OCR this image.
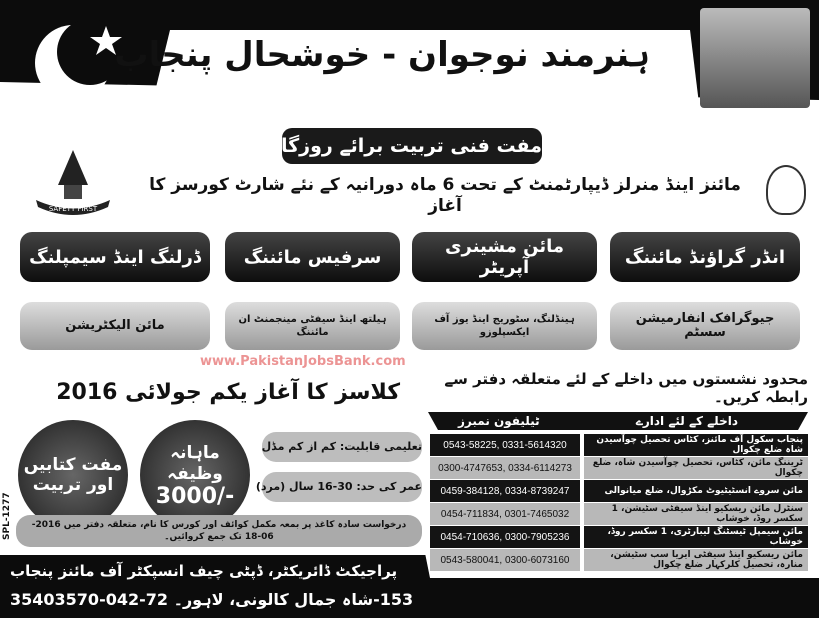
ہنرمند نوجوان - خوشحال پنجاب
مفت فنی تربیت برائے روزگار
SAFETY FIRST
مائنز اینڈ منرلز ڈیپارٹمنٹ کے تحت 6 ماہ دورانیہ کے نئے شارٹ کورسز کا آغاز
انڈر گراؤنڈ مائننگ
مائن مشینری آپریٹر
سرفیس مائننگ
ڈرلنگ اینڈ سیمپلنگ
جیوگرافک انفارمیشن سسٹم
ہینڈلنگ، سٹوریج اینڈ یوز آف ایکسپلوزو
ہیلتھ اینڈ سیفٹی مینجمنٹ ان مائننگ
مائن الیکٹریشن
www.PakistanJobsBank.com
کلاسز کا آغاز یکم جولائی 2016
محدود نشستوں میں داخلے کے لئے متعلقہ دفتر سے رابطہ کریں۔
مفت کتابیں
اور تربیت
ماہانہ وظیفہ
3000/-
تعلیمی قابلیت: کم از کم مڈل
عمر کی حد: 30-16 سال (مرد)
SPL-1277	درخواست سادہ کاغذ پر بمعہ مکمل کوائف اور کورس کا نام، متعلقہ دفتر میں 2016-06-18 تک جمع کروائیں۔
ٹیلیفون نمبرز	داخلے کے لئے ادارے
0543-58225, 0331-5614320	پنجاب سکول آف مائنز، کٹاس تحصیل چوآسیدن شاہ ضلع چکوال
0300-4747653, 0334-6114273	ٹریننگ مائن، کٹاس، تحصیل چوآسیدن شاہ، ضلع چکوال
0459-384128, 0334-8739247	مائن سروے انسٹیٹیوٹ مکڑوال، ضلع میانوالی
0454-711834, 0301-7465032	سنٹرل مائن ریسکیو اینڈ سیفٹی سٹیشن، 1 سکسر روڈ، خوشاب
0454-710636, 0300-7905236	مائن سیمپل ٹیسٹنگ لیبارٹری، 1 سکسر روڈ، خوشاب
0543-580041, 0300-6073160	مائن ریسکیو اینڈ سیفٹی ایریا سب سٹیشن، منارہ، تحصیل کلرکہار ضلع چکوال
پراجیکٹ ڈائریکٹر، ڈپٹی چیف انسپکٹر آف مائنز پنجاب
153-شاہ جمال کالونی، لاہور۔ 72-042-35403570
